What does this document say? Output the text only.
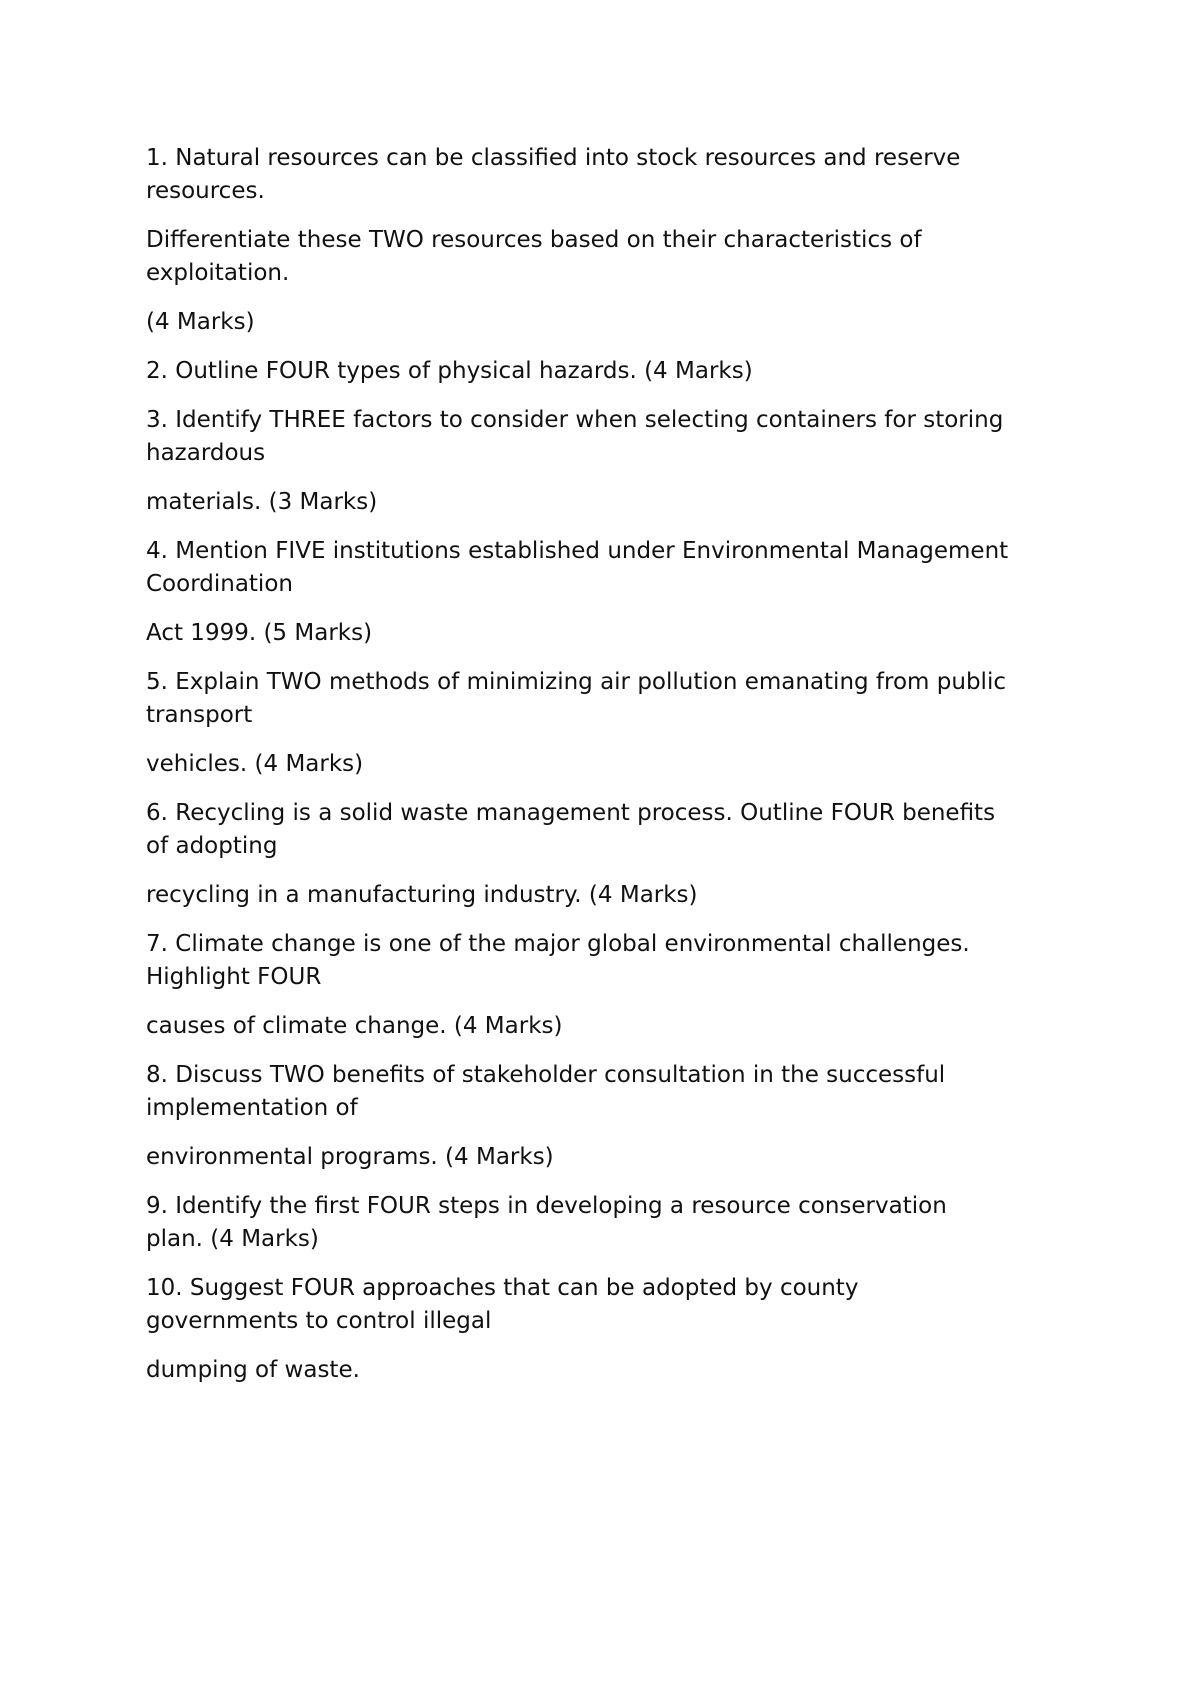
1. Natural resources can be classified into stock resources and reserve
resources.

Differentiate these TWO resources based on their characteristics of
exploitation.

(4 Marks)

2. Outline FOUR types of physical hazards. (4 Marks)

3. Identify THREE factors to consider when selecting containers for storing
hazardous

materials. (3 Marks)

4. Mention FIVE institutions established under Environmental Management
Coordination

Act 1999. (5 Marks)

5. Explain TWO methods of minimizing air pollution emanating from public
transport

vehicles. (4 Marks)

6. Recycling is a solid waste management process. Outline FOUR benefits
of adopting

recycling in a manufacturing industry. (4 Marks)

7. Climate change is one of the major global environmental challenges.
Highlight FOUR

causes of climate change. (4 Marks)

8. Discuss TWO benefits of stakeholder consultation in the successful
implementation of

environmental programs. (4 Marks)

9. Identify the first FOUR steps in developing a resource conservation
plan. (4 Marks)

10. Suggest FOUR approaches that can be adopted by county
governments to control illegal

dumping of waste.
